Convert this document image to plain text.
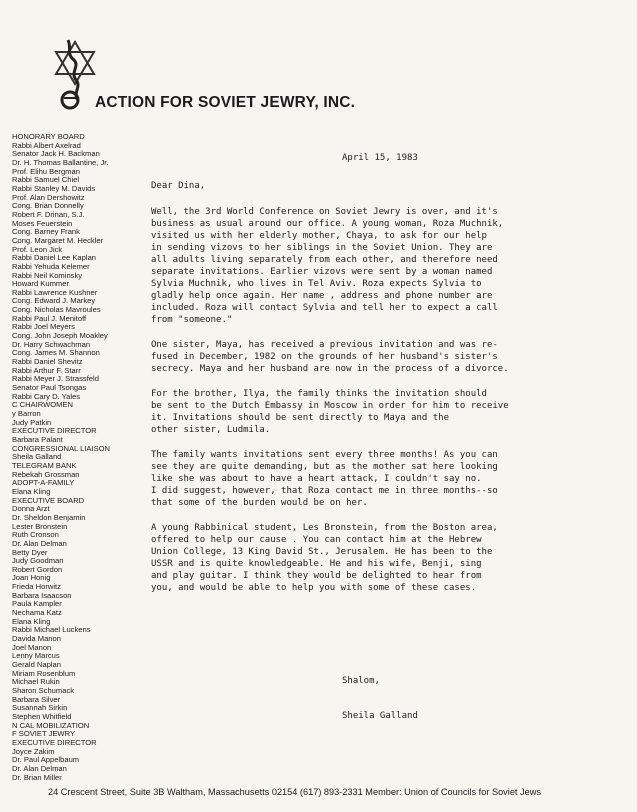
ACTION FOR SOVIET JEWRY, INC.
HONORARY BOARD
Rabbi Albert Axelrad
Senator Jack H. Backman
Dr. H. Thomas Ballantine, Jr.
Prof. Elihu Bergman
Rabbi Samuel Chiel
Rabbi Stanley M. Davids
Prof. Alan Dershowitz
Cong. Brian Donnelly
Robert F. Drinan, S.J.
Moses Feuerstein
Cong. Barney Frank
Cong. Margaret M. Heckler
Prof. Leon Jick
Rabbi Daniel Lee Kaplan
Rabbi Yehuda Kelemer
Rabbi Neil Kominsky
Howard Kummer
Rabbi Lawrence Kushner
Cong. Edward J. Markey
Cong. Nicholas Mavroules
Rabbi Paul J. Menitoff
Rabbi Joel Meyers
Cong. John Joseph Moakley
Dr. Harry Schwachman
Cong. James M. Shannon
Rabbi Daniel Shevitz
Rabbi Arthur F. Starr
Rabbi Meyer J. Strassfeld
Senator Paul Tsongas
Rabbi Cary D. Yales
C CHAIRWOMEN
y Barron
Judy Patkin
EXECUTIVE DIRECTOR
Barbara Palant
CONGRESSIONAL LIAISON
Sheila Galland
TELEGRAM BANK
Rebekah Grossman
ADOPT-A-FAMILY
Elana Kling
EXECUTIVE BOARD
Donna Arzt
Dr. Sheldon Benjamin
Lester Bronstein
Ruth Cronson
Dr. Alan Delman
Betty Dyer
Judy Goodman
Robert Gordon
Joan Honig
Frieda Horwitz
Barbara Isaacson
Paula Kampler
Nechama Katz
Elana Kling
Rabbi Michael Luckens
Davida Manon
Joel Manon
Lenny Marcus
Gerald Naplan
Miriam Rosenblum
Michael Rukin
Sharon Schumack
Barbara Silver
Susannah Sirkin
Stephen Whitfield
N CAL MOBILIZATION
F SOVIET JEWRY
EXECUTIVE DIRECTOR
Joyce Zakim
Dr. Paul Appelbaum
Dr. Alan Delman
Dr. Brian Miller
April 15, 1983

Dear Dina,

Well, the 3rd World Conference on Soviet Jewry is over, and it's
business as usual around our office. A young woman, Roza Muchnik,
visited us with her elderly mother, Chaya, to ask for our help
in sending vizovs to her siblings in the Soviet Union. They are
all adults living separately from each other, and therefore need
separate invitations. Earlier vizovs were sent by a woman named
Sylvia Muchnik, who lives in Tel Aviv. Roza expects Sylvia to
gladly help once again. Her name , address and phone number are
included. Roza will contact Sylvia and tell her to expect a call
from "someone."

One sister, Maya, has received a previous invitation and was re-
fused in December, 1982 on the grounds of her husband's sister's
secrecy. Maya and her husband are now in the process of a divorce.

For the brother, Ilya, the family thinks the invitation should
be sent to the Dutch Embassy in Moscow in order for him to receive
it. Invitations should be sent directly to Maya and the
other sister, Ludmila.

The family wants invitations sent every three months! As you can
see they are quite demanding, but as the mother sat here looking
like she was about to have a heart attack, I couldn't say no.
I did suggest, however, that Roza contact me in three months--so
that some of the burden would be on her.

A young Rabbinical student, Les Bronstein, from the Boston area,
offered to help our cause . You can contact him at the Hebrew
Union College, 13 King David St., Jerusalem. He has been to the
USSR and is quite knowledgeable. He and his wife, Benji, sing
and play guitar. I think they would be delighted to hear from
you, and would be able to help you with some of these cases.

Shalom,
Sheila Galland
24 Crescent Street, Suite 3B Waltham, Massachusetts 02154 (617) 893-2331 Member: Union of Councils for Soviet Jews
